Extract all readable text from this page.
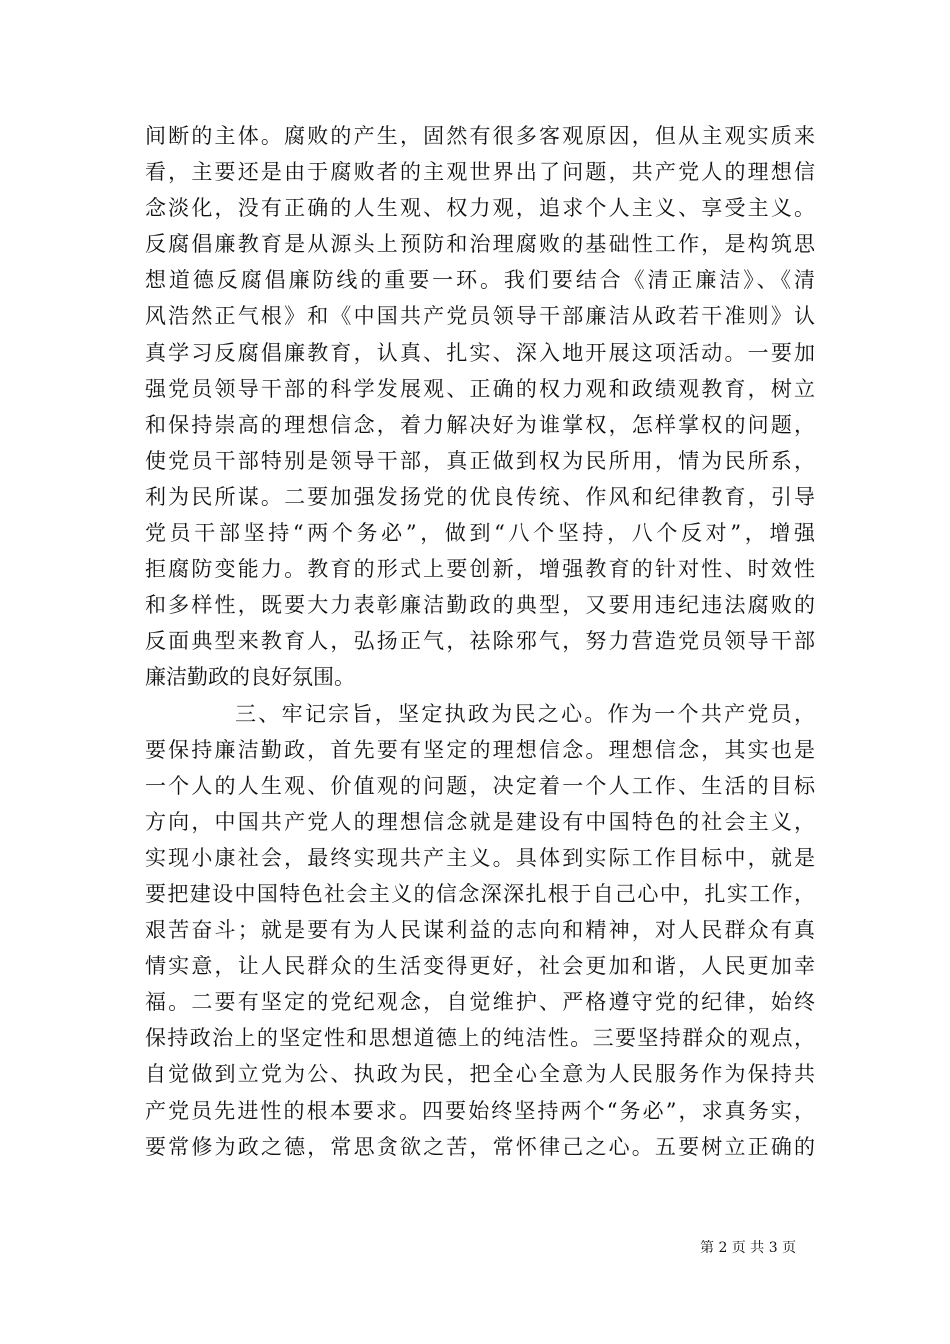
间断的主体。腐败的产生，固然有很多客观原因，但从主观实质来
看，主要还是由于腐败者的主观世界出了问题，共产党人的理想信
念淡化，没有正确的人生观、权力观，追求个人主义、享受主义。
反腐倡廉教育是从源头上预防和治理腐败的基础性工作，是构筑思
想道德反腐倡廉防线的重要一环。我们要结合《清正廉洁》、《清
风浩然正气根》和《中国共产党员领导干部廉洁从政若干准则》认
真学习反腐倡廉教育，认真、扎实、深入地开展这项活动。一要加
强党员领导干部的科学发展观、正确的权力观和政绩观教育，树立
和保持崇高的理想信念，着力解决好为谁掌权，怎样掌权的问题，
使党员干部特别是领导干部，真正做到权为民所用，情为民所系，
利为民所谋。二要加强发扬党的优良传统、作风和纪律教育，引导
党员干部坚持“两个务必”，做到“八个坚持，八个反对”，增强
拒腐防变能力。教育的形式上要创新，增强教育的针对性、时效性
和多样性，既要大力表彰廉洁勤政的典型，又要用违纪违法腐败的
反面典型来教育人，弘扬正气，祛除邪气，努力营造党员领导干部
廉洁勤政的良好氛围。
三、牢记宗旨，坚定执政为民之心。作为一个共产党员，
要保持廉洁勤政，首先要有坚定的理想信念。理想信念，其实也是
一个人的人生观、价值观的问题，决定着一个人工作、生活的目标
方向，中国共产党人的理想信念就是建设有中国特色的社会主义，
实现小康社会，最终实现共产主义。具体到实际工作目标中，就是
要把建设中国特色社会主义的信念深深扎根于自己心中，扎实工作，
艰苦奋斗；就是要有为人民谋利益的志向和精神，对人民群众有真
情实意，让人民群众的生活变得更好，社会更加和谐，人民更加幸
福。二要有坚定的党纪观念，自觉维护、严格遵守党的纪律，始终
保持政治上的坚定性和思想道德上的纯洁性。三要坚持群众的观点，
自觉做到立党为公、执政为民，把全心全意为人民服务作为保持共
产党员先进性的根本要求。四要始终坚持两个“务必”，求真务实，
要常修为政之德，常思贪欲之苦，常怀律己之心。五要树立正确的
第 2 页 共 3 页
